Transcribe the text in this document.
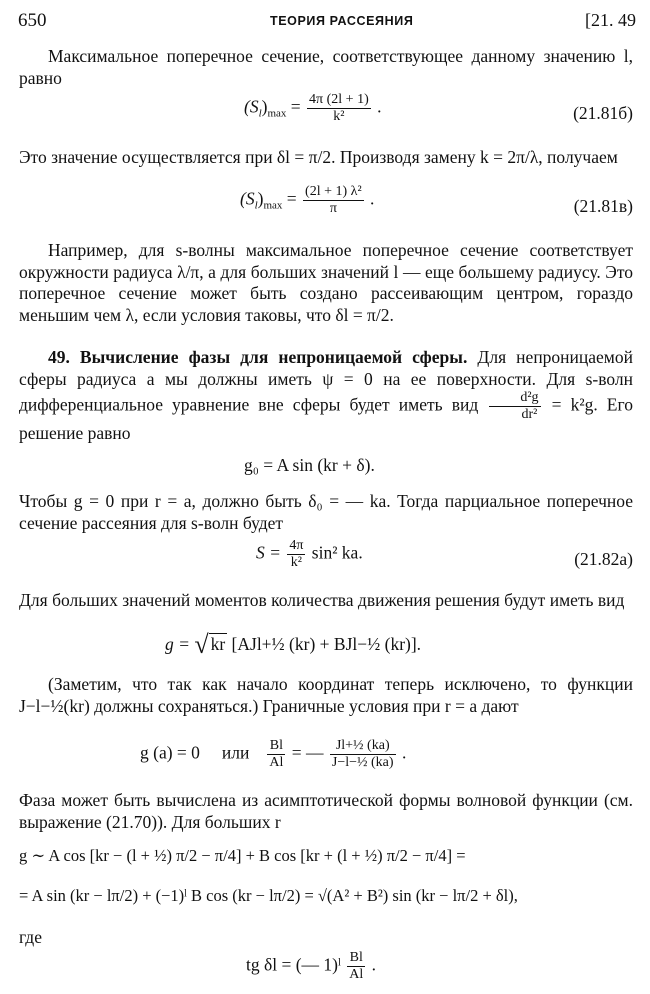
650	ТЕОРИЯ РАССЕЯНИЯ	[21. 49
Максимальное поперечное сечение, соответствующее данному значению l, равно
$(S_l)_{max} = \frac{4\pi (2l + 1)}{\text{k²}}$ .	(21.81б)
Это значение осуществляется при δl = π/2. Производя замену k = 2π/λ, получаем
$(S_l)_{max} = \frac{\text{(2l + 1) λ²}}{\pi}$ .	(21.81в)
Например, для s-волны максимальное поперечное сечение соответствует окружности радиуса λ/π, а для больших значений l — еще большему радиусу. Это поперечное сечение может быть создано рассеивающим центром, гораздо меньшим чем λ, если условия таковы, что δl = π/2.
49. Вычисление фазы для непроницаемой сферы. Для непроницаемой сферы радиуса a мы должны иметь ψ = 0 на ее поверхности. Для s-волн дифференциальное уравнение вне сферы будет иметь вид $\frac{\text{d²g}}{\text{dr²}} = k^2g$. Его решение равно
g₀ = A sin (kr + δ).
Чтобы g = 0 при r = a, должно быть δ₀ = — ka. Тогда парциальное поперечное сечение рассеяния для s-волн будет
$S = \frac{4\pi}{\text{k²}} \sin^2$ ka.	(21.82а)
Для больших значений моментов количества движения решения будут иметь вид
g = √ kr [AJl+½ (kr) + BJl−½ (kr)].
(Заметим, что так как начало координат теперь исключено, то функции J−l−½(kr) должны сохраняться.) Граничные условия при r = a дают
g (a) = 0 или $\frac{Bl}{Al}$ = — $\frac{\text{Jl+½ (ka)}}{\text{J−l−½ (ka)}}$ .
Фаза может быть вычислена из асимптотической формы волновой функции (см. выражение (21.70)). Для больших r
g ∼ A cos [kr − (l + ½) π/2 − π/4] + B cos [kr + (l + ½) π/2 − π/4] =
= A sin (kr − lπ/2) + (−1)ˡ B cos (kr − lπ/2) = √(A² + B²) sin (kr − lπ/2 + δl),
где
tg δl = (— 1)ˡ $\frac{Bl}{Al}$ .
